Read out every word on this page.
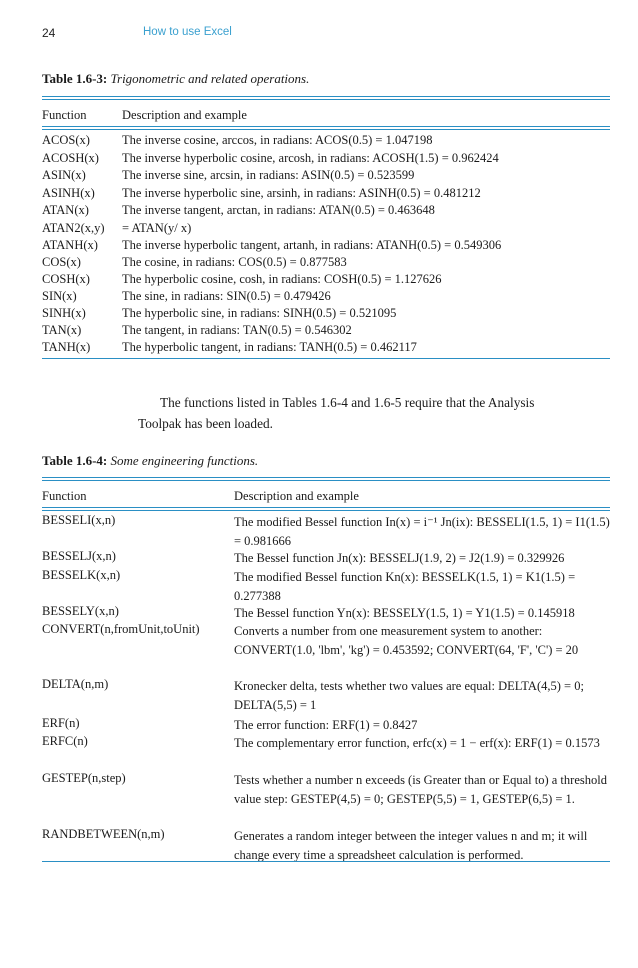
24	How to use Excel
Table 1.6-3: Trigonometric and related operations.
Function	Description and example
ACOS(x)	The inverse cosine, arccos, in radians: ACOS(0.5) = 1.047198
ACOSH(x) The inverse hyperbolic cosine, arcosh, in radians: ACOSH(1.5) = 0.962424
ASIN(x)	The inverse sine, arcsin, in radians: ASIN(0.5) = 0.523599
ASINH(x) The inverse hyperbolic sine, arsinh, in radians: ASINH(0.5) = 0.481212
ATAN(x)	The inverse tangent, arctan, in radians: ATAN(0.5) = 0.463648
ATAN2(x,y) = ATAN(y/ x)
ATANH(x) The inverse hyperbolic tangent, artanh, in radians: ATANH(0.5) = 0.549306
COS(x)	The cosine, in radians: COS(0.5) = 0.877583
COSH(x)	The hyperbolic cosine, cosh, in radians: COSH(0.5) = 1.127626
SIN(x)	The sine, in radians: SIN(0.5) = 0.479426
SINH(x)	The hyperbolic sine, in radians: SINH(0.5) = 0.521095
TAN(x)	The tangent, in radians: TAN(0.5) = 0.546302
TANH(x)	The hyperbolic tangent, in radians: TANH(0.5) = 0.462117
The functions listed in Tables 1.6-4 and 1.6-5 require that the Analysis
Toolpak has been loaded.
Table 1.6-4: Some engineering functions.
Function	Description and example
BESSELI(x,n)	The modified Bessel function In(x) = i⁻¹ Jn(ix): BESSELI(1.5, 1) = I1(1.5) = 0.981666
BESSELJ(x,n)	The Bessel function Jn(x): BESSELJ(1.9, 2) = J2(1.9) = 0.329926
BESSELK(x,n)	The modified Bessel function Kn(x): BESSELK(1.5, 1) = K1(1.5) = 0.277388
BESSELY(x,n)	The Bessel function Yn(x): BESSELY(1.5, 1) = Y1(1.5) = 0.145918
CONVERT(n,fromUnit,toUnit)	Converts a number from one measurement system to another: CONVERT(1.0, 'lbm', 'kg') = 0.453592; CONVERT(64, 'F', 'C') = 20
DELTA(n,m)	Kronecker delta, tests whether two values are equal: DELTA(4,5) = 0; DELTA(5,5) = 1
ERF(n)	The error function: ERF(1) = 0.8427
ERFC(n)	The complementary error function, erfc(x) = 1 − erf(x): ERF(1) = 0.1573
GESTEP(n,step)	Tests whether a number n exceeds (is Greater than or Equal to) a threshold value step: GESTEP(4,5) = 0; GESTEP(5,5) = 1, GESTEP(6,5) = 1.
RANDBETWEEN(n,m)	Generates a random integer between the integer values n and m; it will change every time a spreadsheet calculation is performed.
